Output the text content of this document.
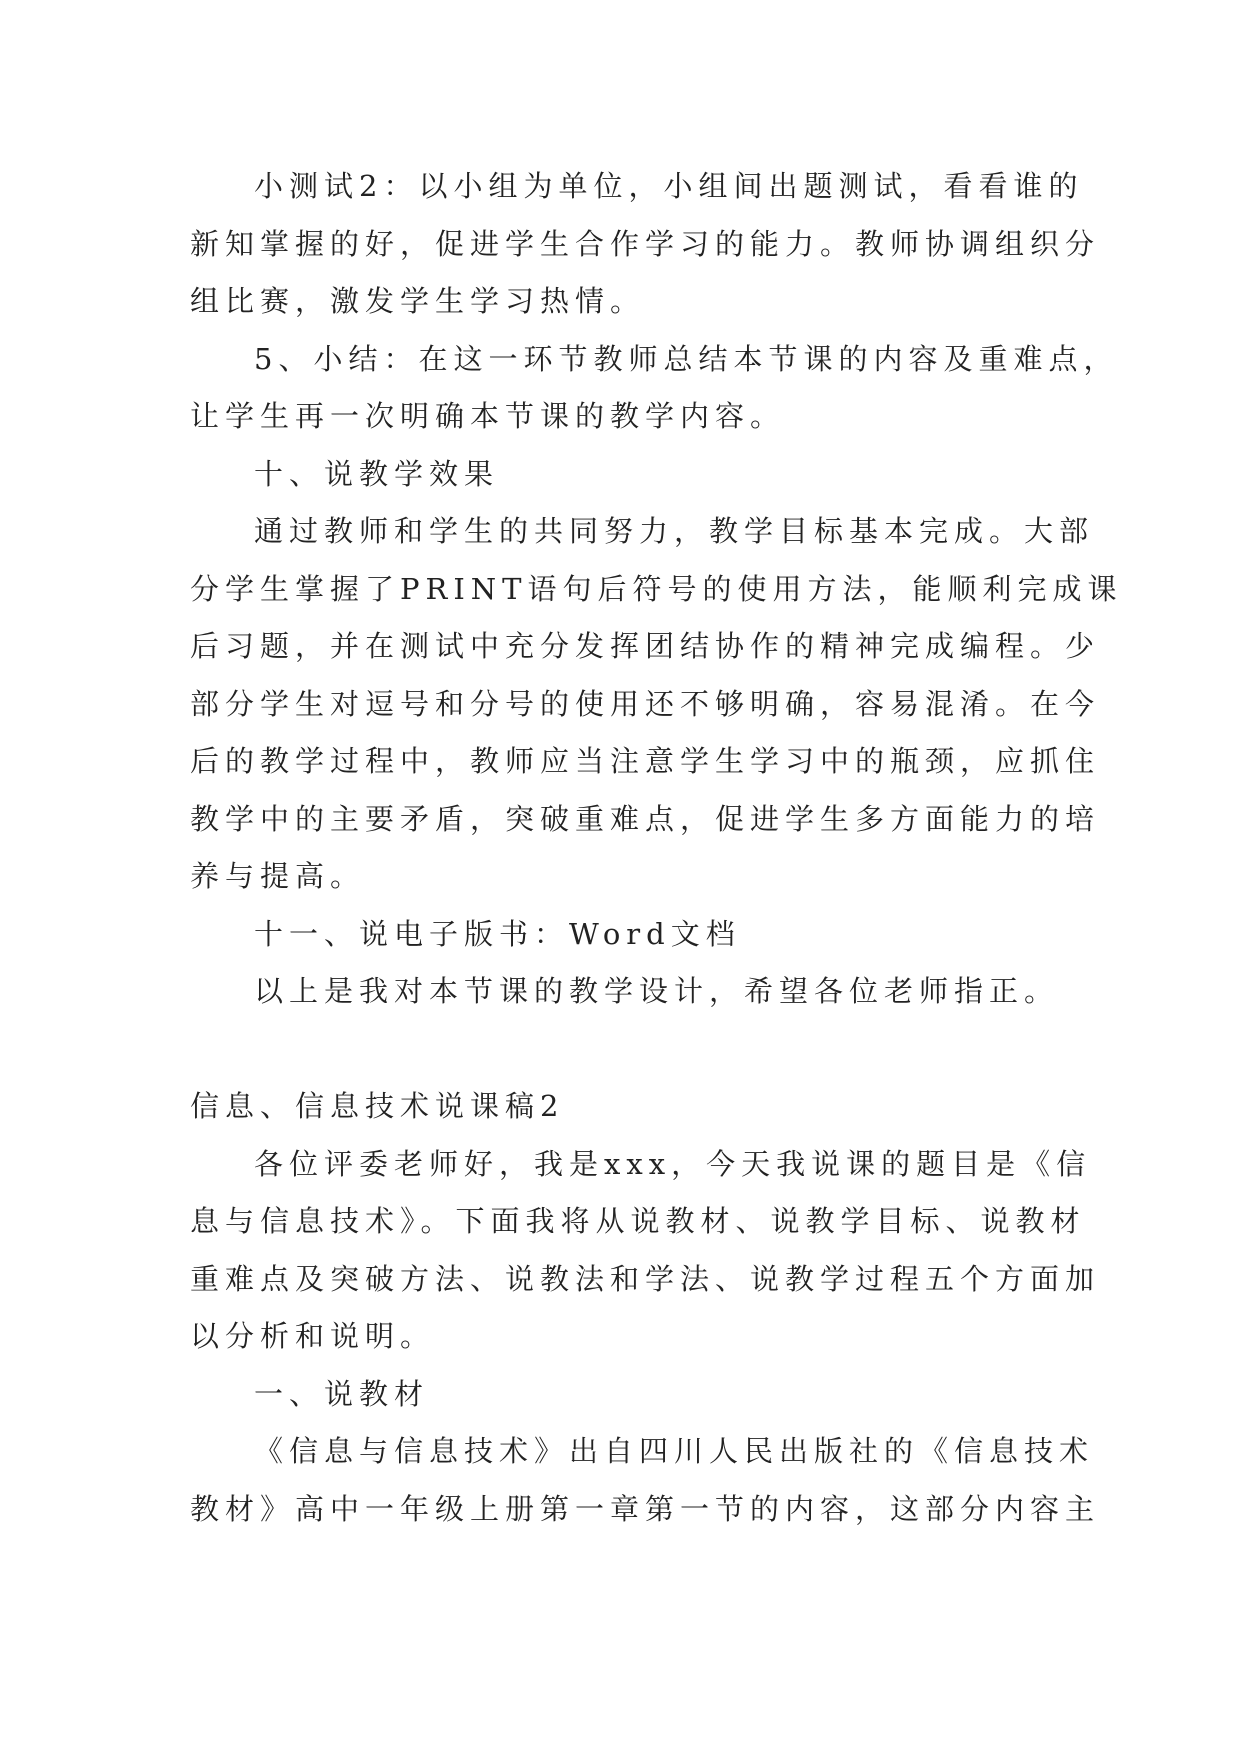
小测试2：以小组为单位，小组间出题测试，看看谁的
新知掌握的好，促进学生合作学习的能力。教师协调组织分
组比赛，激发学生学习热情。
5、小结：在这一环节教师总结本节课的内容及重难点，
让学生再一次明确本节课的教学内容。
十、说教学效果
通过教师和学生的共同努力，教学目标基本完成。大部
分学生掌握了PRINT语句后符号的使用方法，能顺利完成课
后习题，并在测试中充分发挥团结协作的精神完成编程。少
部分学生对逗号和分号的使用还不够明确，容易混淆。在今
后的教学过程中，教师应当注意学生学习中的瓶颈，应抓住
教学中的主要矛盾，突破重难点，促进学生多方面能力的培
养与提高。
十一、说电子版书：Word文档
以上是我对本节课的教学设计，希望各位老师指正。
信息、信息技术说课稿2
各位评委老师好，我是xxx，今天我说课的题目是《信
息与信息技术》。下面我将从说教材、说教学目标、说教材
重难点及突破方法、说教法和学法、说教学过程五个方面加
以分析和说明。
一、说教材
《信息与信息技术》出自四川人民出版社的《信息技术
教材》高中一年级上册第一章第一节的内容，这部分内容主
